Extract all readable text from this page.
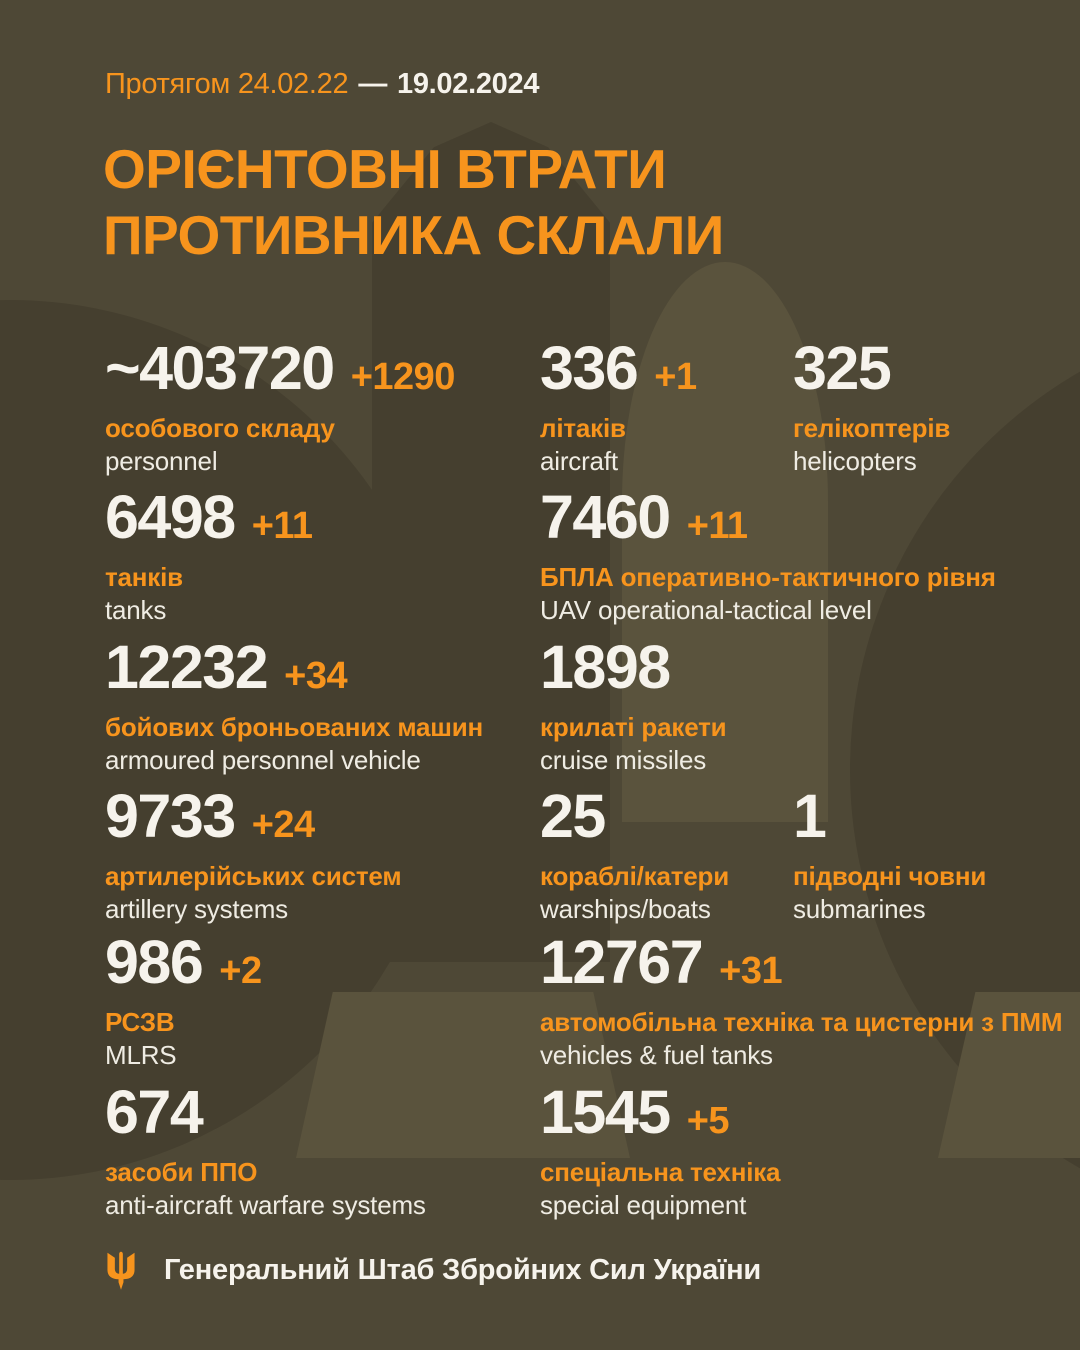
Протягом 24.02.22 — 19.02.2024
ОРІЄНТОВНІ ВТРАТИ
ПРОТИВНИКА СКЛАЛИ
~403720 +1290
особового складу
personnel
336 +1
літаків
aircraft
325
гелікоптерів
helicopters
6498 +11
танків
tanks
7460 +11
БПЛА оперативно-тактичного рівня
UAV operational-tactical level
12232 +34
бойових броньованих машин
armoured personnel vehicle
1898
крилаті ракети
cruise missiles
9733 +24
артилерійських систем
artillery systems
25
кораблі/катери
warships/boats
1
підводні човни
submarines
986 +2
РСЗВ
MLRS
12767 +31
автомобільна техніка та цистерни з ПММ
vehicles & fuel tanks
674
засоби ППО
anti-aircraft warfare systems
1545 +5
спеціальна техніка
special equipment
Генеральний Штаб Збройних Сил України
